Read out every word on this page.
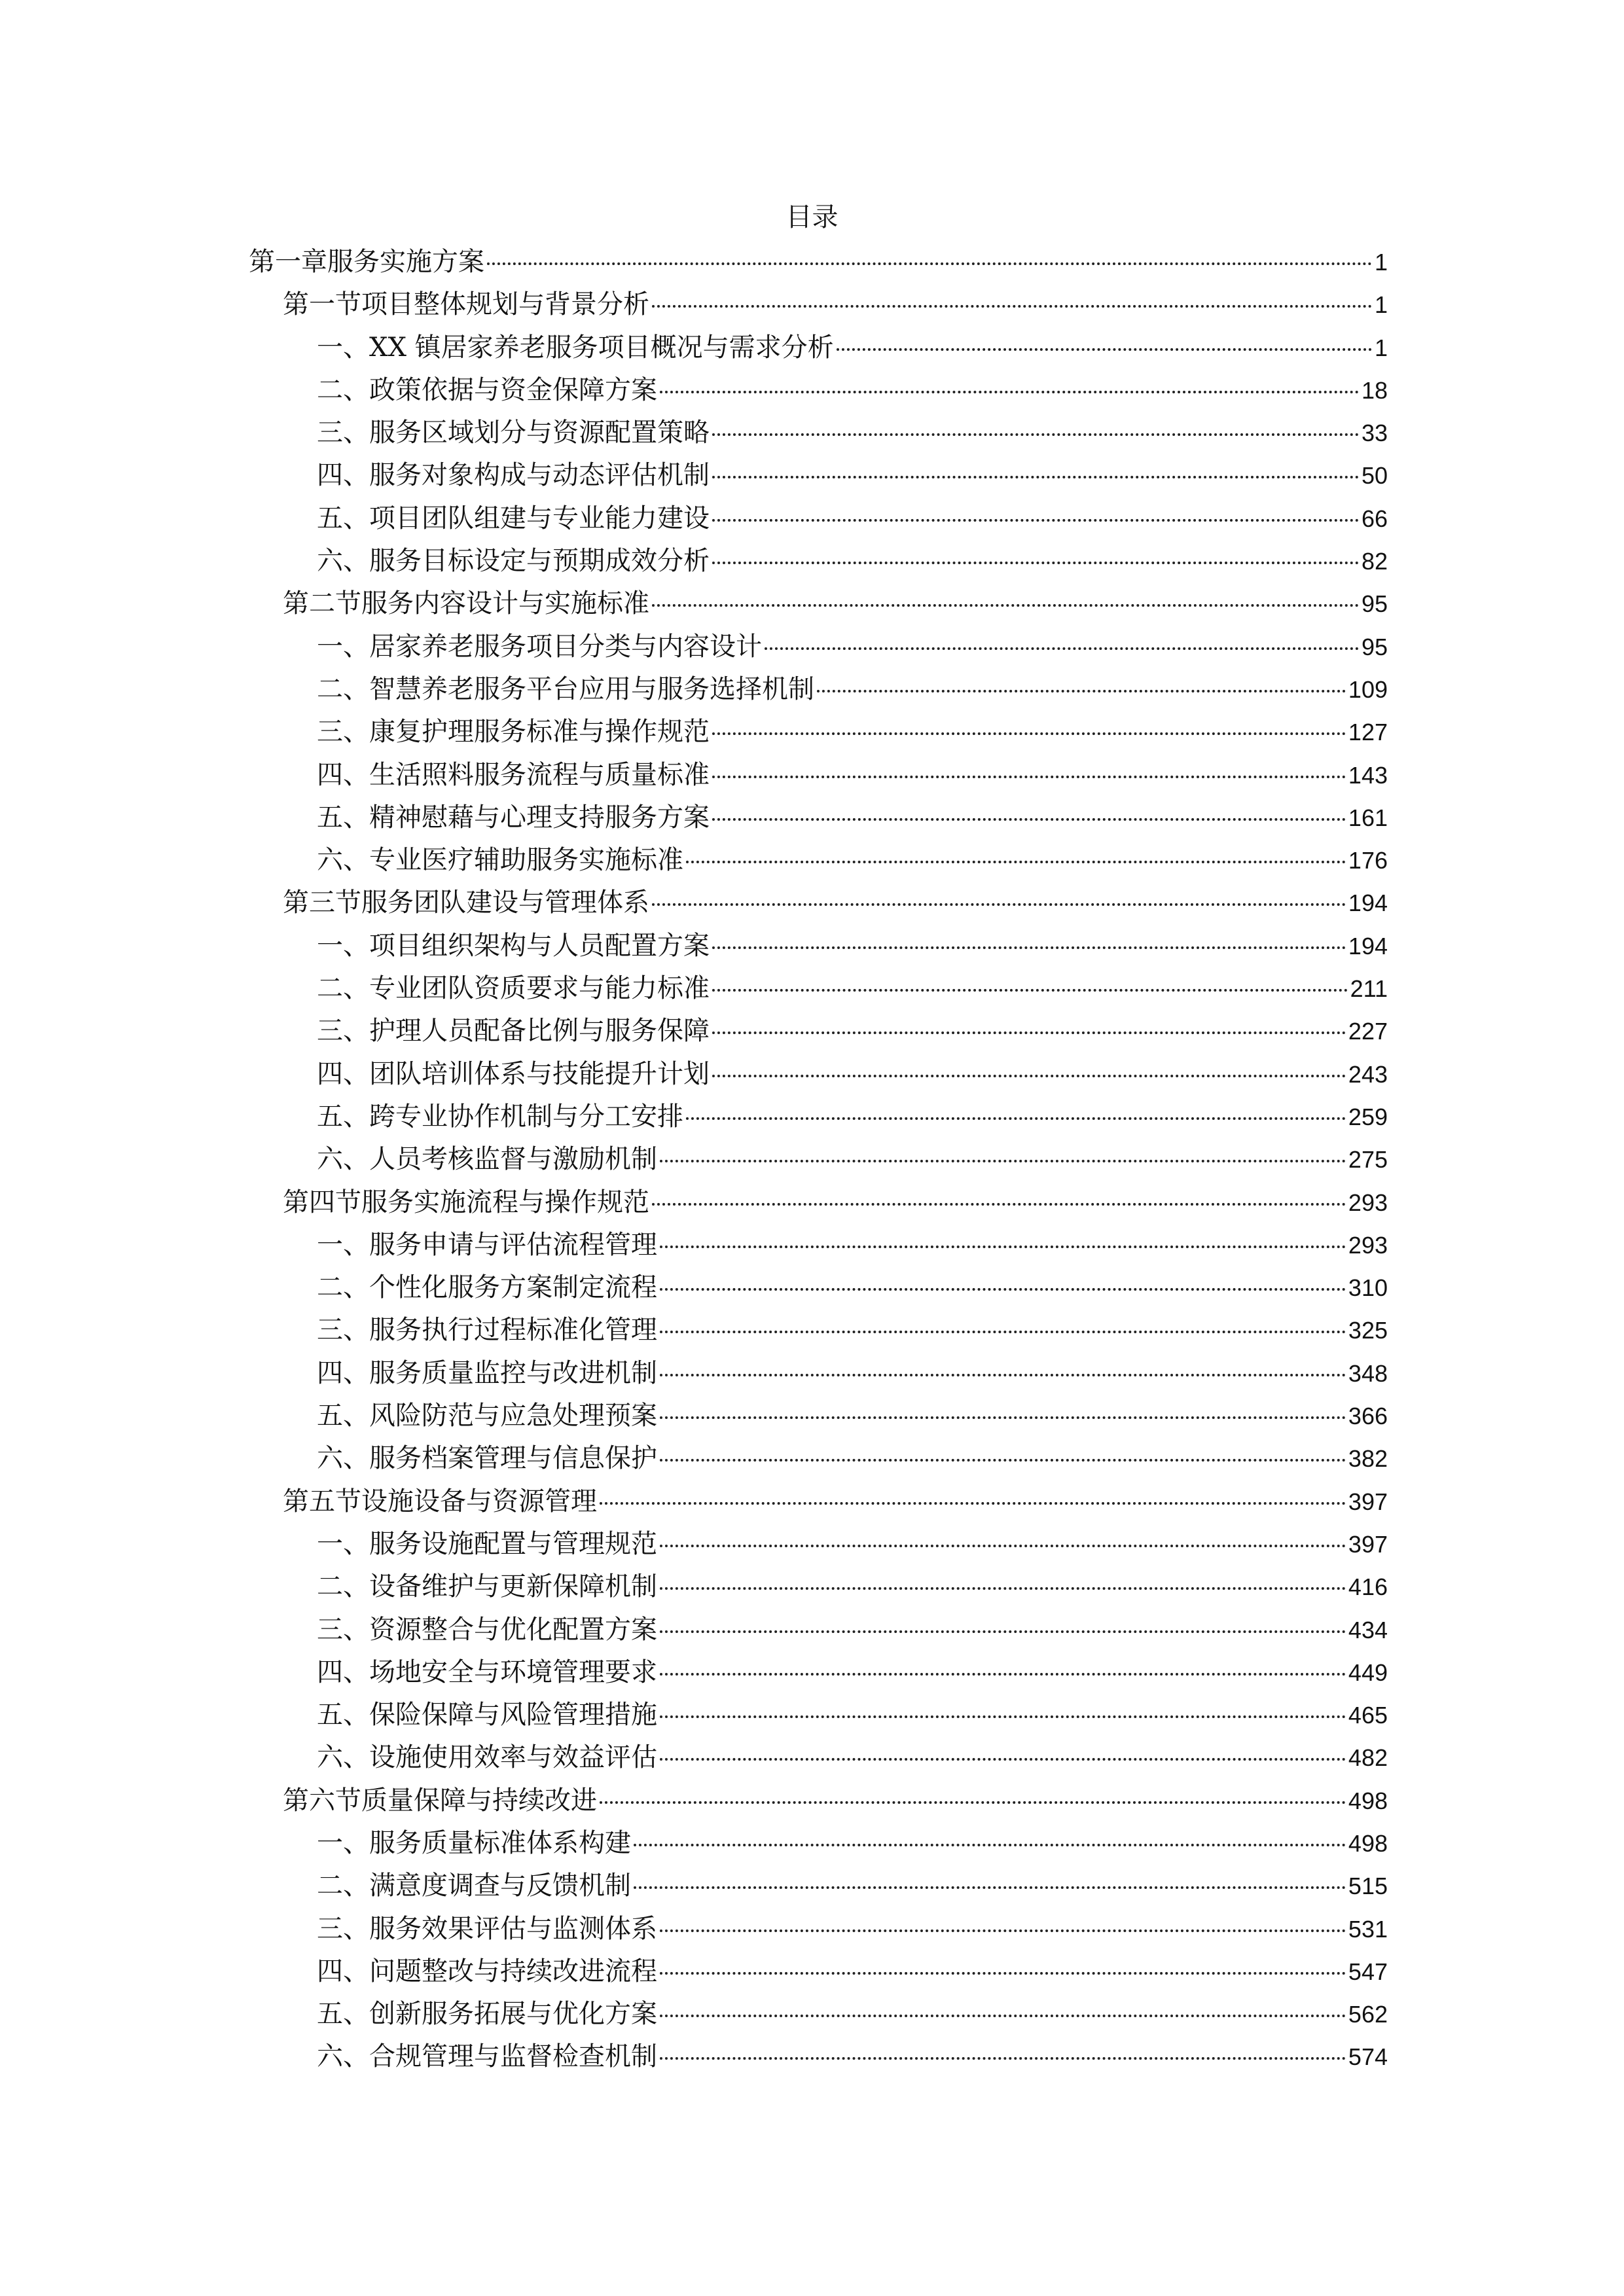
目录
第一章服务实施方案	1
第一节项目整体规划与背景分析	1
一、XX 镇居家养老服务项目概况与需求分析	1
二、政策依据与资金保障方案	18
三、服务区域划分与资源配置策略	33
四、服务对象构成与动态评估机制	50
五、项目团队组建与专业能力建设	66
六、服务目标设定与预期成效分析	82
第二节服务内容设计与实施标准	95
一、居家养老服务项目分类与内容设计	95
二、智慧养老服务平台应用与服务选择机制	109
三、康复护理服务标准与操作规范	127
四、生活照料服务流程与质量标准	143
五、精神慰藉与心理支持服务方案	161
六、专业医疗辅助服务实施标准	176
第三节服务团队建设与管理体系	194
一、项目组织架构与人员配置方案	194
二、专业团队资质要求与能力标准	211
三、护理人员配备比例与服务保障	227
四、团队培训体系与技能提升计划	243
五、跨专业协作机制与分工安排	259
六、人员考核监督与激励机制	275
第四节服务实施流程与操作规范	293
一、服务申请与评估流程管理	293
二、个性化服务方案制定流程	310
三、服务执行过程标准化管理	325
四、服务质量监控与改进机制	348
五、风险防范与应急处理预案	366
六、服务档案管理与信息保护	382
第五节设施设备与资源管理	397
一、服务设施配置与管理规范	397
二、设备维护与更新保障机制	416
三、资源整合与优化配置方案	434
四、场地安全与环境管理要求	449
五、保险保障与风险管理措施	465
六、设施使用效率与效益评估	482
第六节质量保障与持续改进	498
一、服务质量标准体系构建	498
二、满意度调查与反馈机制	515
三、服务效果评估与监测体系	531
四、问题整改与持续改进流程	547
五、创新服务拓展与优化方案	562
六、合规管理与监督检查机制	574
